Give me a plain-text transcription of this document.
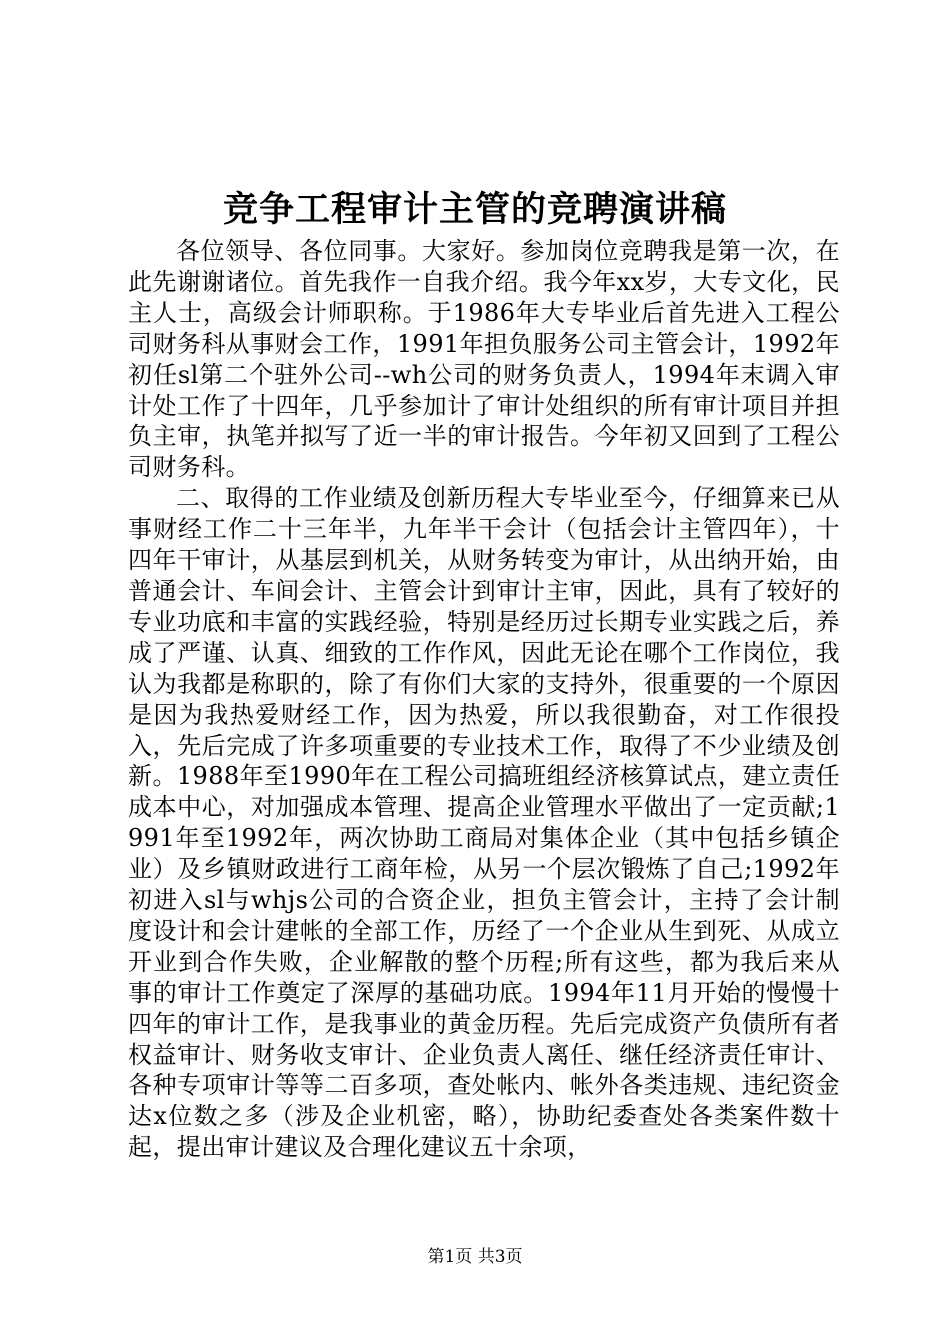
竞争工程审计主管的竞聘演讲稿

各位领导、各位同事。大家好。参加岗位竞聘我是第一次，在此先谢谢诸位。首先我作一自我介绍。我今年xx岁，大专文化，民主人士，高级会计师职称。于1986年大专毕业后首先进入工程公司财务科从事财会工作，1991年担负服务公司主管会计，1992年初任sl第二个驻外公司--wh公司的财务负责人，1994年末调入审计处工作了十四年，几乎参加计了审计处组织的所有审计项目并担负主审，执笔并拟写了近一半的审计报告。今年初又回到了工程公司财务科。

二、取得的工作业绩及创新历程大专毕业至今，仔细算来已从事财经工作二十三年半，九年半干会计（包括会计主管四年），十四年干审计，从基层到机关，从财务转变为审计，从出纳开始，由普通会计、车间会计、主管会计到审计主审，因此，具有了较好的专业功底和丰富的实践经验，特别是经历过长期专业实践之后，养成了严谨、认真、细致的工作作风，因此无论在哪个工作岗位，我认为我都是称职的，除了有你们大家的支持外，很重要的一个原因是因为我热爱财经工作，因为热爱，所以我很勤奋，对工作很投入，先后完成了许多项重要的专业技术工作，取得了不少业绩及创新。1988年至1990年在工程公司搞班组经济核算试点，建立责任成本中心，对加强成本管理、提高企业管理水平做出了一定贡献;1991年至1992年，两次协助工商局对集体企业（其中包括乡镇企业）及乡镇财政进行工商年检，从另一个层次锻炼了自己;1992年初进入sl与whjs公司的合资企业，担负主管会计，主持了会计制度设计和会计建帐的全部工作，历经了一个企业从生到死、从成立开业到合作失败，企业解散的整个历程;所有这些，都为我后来从事的审计工作奠定了深厚的基础功底。1994年11月开始的慢慢十四年的审计工作，是我事业的黄金历程。先后完成资产负债所有者权益审计、财务收支审计、企业负责人离任、继任经济责任审计、各种专项审计等等二百多项，查处帐内、帐外各类违规、违纪资金达x位数之多（涉及企业机密，略），协助纪委查处各类案件数十起，提出审计建议及合理化建议五十余项，

第1页 共3页
